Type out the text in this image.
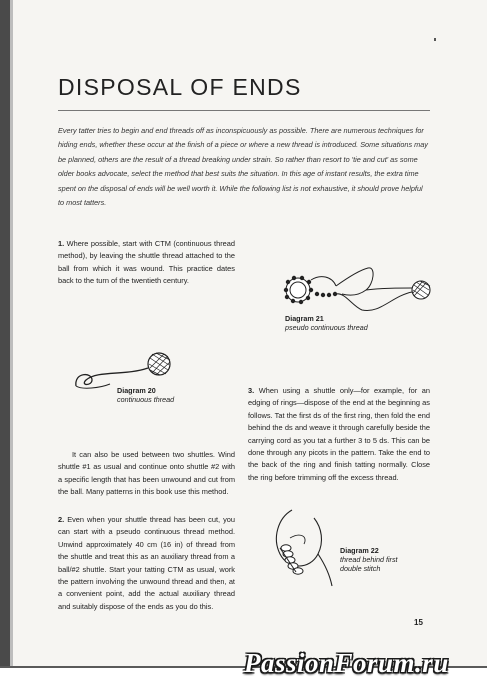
DISPOSAL OF ENDS

Every tatter tries to begin and end threads off as inconspicuously as possible. There are numerous techniques for hiding ends, whether these occur at the finish of a piece or where a new thread is introduced. Some situations may be planned, others are the result of a thread breaking under strain. So rather than resort to 'tie and cut' as some older books advocate, select the method that best suits the situation. In this age of instant results, the extra time spent on the disposal of ends will be well worth it. While the following list is not exhaustive, it should prove helpful to most tatters.

1. Where possible, start with CTM (continuous thread method), by leaving the shuttle thread attached to the ball from which it was wound. This practice dates back to the turn of the twentieth century.

Diagram 20
continuous thread

It can also be used between two shuttles. Wind shuttle #1 as usual and continue onto shuttle #2 with a specific length that has been unwound and cut from the ball. Many patterns in this book use this method.

2. Even when your shuttle thread has been cut, you can start with a pseudo continuous thread method. Unwind approximately 40 cm (16 in) of thread from the shuttle and treat this as an auxiliary thread from a ball/#2 shuttle. Start your tatting CTM as usual, work the pattern involving the unwound thread and then, at a convenient point, add the actual auxiliary thread and suitably dispose of the ends as you do this.

Diagram 21
pseudo continuous thread

3. When using a shuttle only—for example, for an edging of rings—dispose of the end at the beginning as follows. Tat the first ds of the first ring, then fold the end behind the ds and weave it through carefully beside the carrying cord as you tat a further 3 to 5 ds. This can be done through any picots in the pattern. Take the end to the back of the ring and finish tatting normally. Close the ring before trimming off the excess thread.

Diagram 22
thread behind first
double stitch
15
PassionForum.ru
